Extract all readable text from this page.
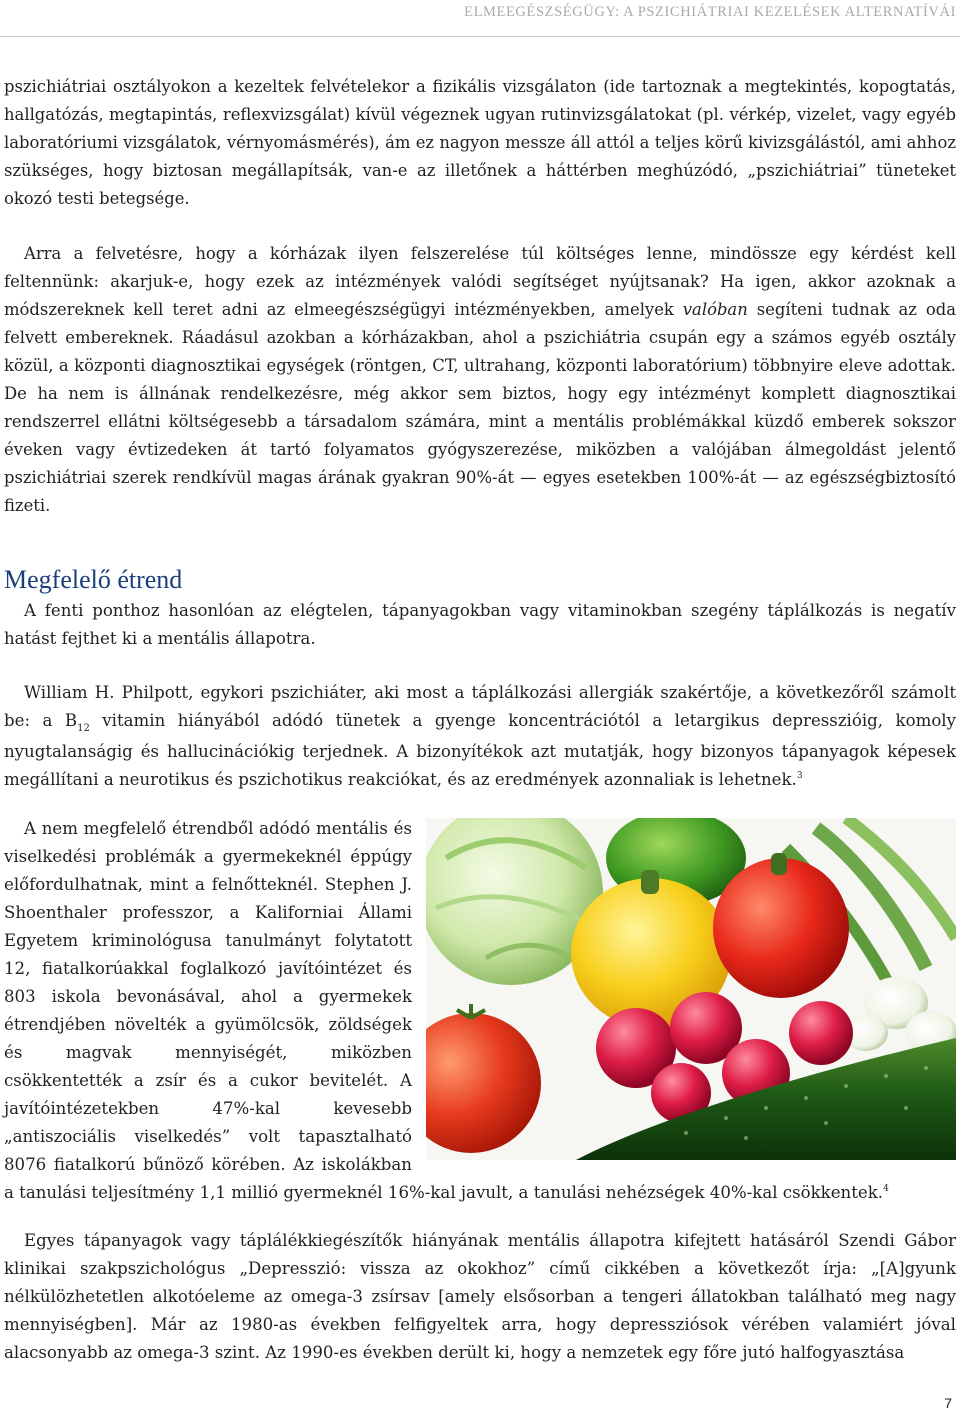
ELMEEGÉSZSÉGÜGY: A PSZICHIÁTRIAI KEZELÉSEK ALTERNATÍVÁI

pszichiátriai osztályokon a kezeltek felvételekor a fizikális vizsgálaton (ide tartoznak a megtekintés, kopogtatás, hallgatózás, megtapintás, reflexvizsgálat) kívül végeznek ugyan rutinvizsgálatokat (pl. vérkép, vizelet, vagy egyéb laboratóriumi vizsgálatok, vérnyomásmérés), ám ez nagyon messze áll attól a teljes körű kivizsgálástól, ami ahhoz szükséges, hogy biztosan megállapítsák, van-e az illetőnek a háttérben meghúzódó, „pszichiátriai” tüneteket okozó testi betegsége.

Arra a felvetésre, hogy a kórházak ilyen felszerelése túl költséges lenne, mindössze egy kérdést kell feltennünk: akarjuk-e, hogy ezek az intézmények valódi segítséget nyújtsanak? Ha igen, akkor azoknak a módszereknek kell teret adni az elmeegészségügyi intézményekben, amelyek valóban segíteni tudnak az oda felvett embereknek. Ráadásul azokban a kórházakban, ahol a pszichiátria csupán egy a számos egyéb osztály közül, a központi diagnosztikai egységek (röntgen, CT, ultrahang, központi laboratórium) többnyire eleve adottak. De ha nem is állnának rendelkezésre, még akkor sem biztos, hogy egy intézményt komplett diagnosztikai rendszerrel ellátni költségesebb a társadalom számára, mint a mentális problémákkal küzdő emberek sokszor éveken vagy évtizedeken át tartó folyamatos gyógyszerezése, miközben a valójában álmegoldást jelentő pszichiátriai szerek rendkívül magas árának gyakran 90%-át — egyes esetekben 100%-át — az egészségbiztosító fizeti.

Megfelelő étrend

A fenti ponthoz hasonlóan az elégtelen, tápanyagokban vagy vitaminokban szegény táplálkozás is negatív hatást fejthet ki a mentális állapotra.

William H. Philpott, egykori pszichiáter, aki most a táplálkozási allergiák szakértője, a következőről számolt be: a $B_{12}$ vitamin hiányából adódó tünetek a gyenge koncentrációtól a letargikus depresszióig, komoly nyugtalanságig és hallucinációkig terjednek. A bizonyítékok azt mutatják, hogy bizonyos tápanyagok képesek megállítani a neurotikus és pszichotikus reakciókat, és az eredmények azonnaliak is lehetnek.$^3$

A nem megfelelő étrendből adódó mentális és viselkedési problémák a gyermekeknél éppúgy előfordulhatnak, mint a felnőtteknél. Stephen J. Shoenthaler professzor, a Kaliforniai Állami Egyetem kriminológusa tanulmányt folytatott 12, fiatalkorúakkal foglalkozó javítóintézet és 803 iskola bevonásával, ahol a gyermekek étrendjében növelték a gyümölcsök, zöldségek és magvak mennyiségét, miközben csökkentették a zsír és a cukor bevitelét. A javítóintézetekben 47%-kal kevesebb „antiszociális viselkedés” volt tapasztalható 8076 fiatalkorú bűnöző körében. Az iskolákban a tanulási teljesítmény 1,1 millió gyermeknél 16%-kal javult, a tanulási nehézségek 40%-kal csökkentek.$^4$

Egyes tápanyagok vagy táplálékkiegészítők hiányának mentális állapotra kifejtett hatásáról Szendi Gábor klinikai szakpszichológus „Depresszió: vissza az okokhoz” című cikkében a következőt írja: „[A]gyunk nélkülözhetetlen alkotóeleme az omega-3 zsírsav [amely elsősorban a tengeri állatokban található meg nagy mennyiségben]. Már az 1980-as években felfigyeltek arra, hogy depressziósok vérében valamiért jóval alacsonyabb az omega-3 szint. Az 1990-es években derült ki, hogy a nemzetek egy főre jutó halfogyasztása

7
